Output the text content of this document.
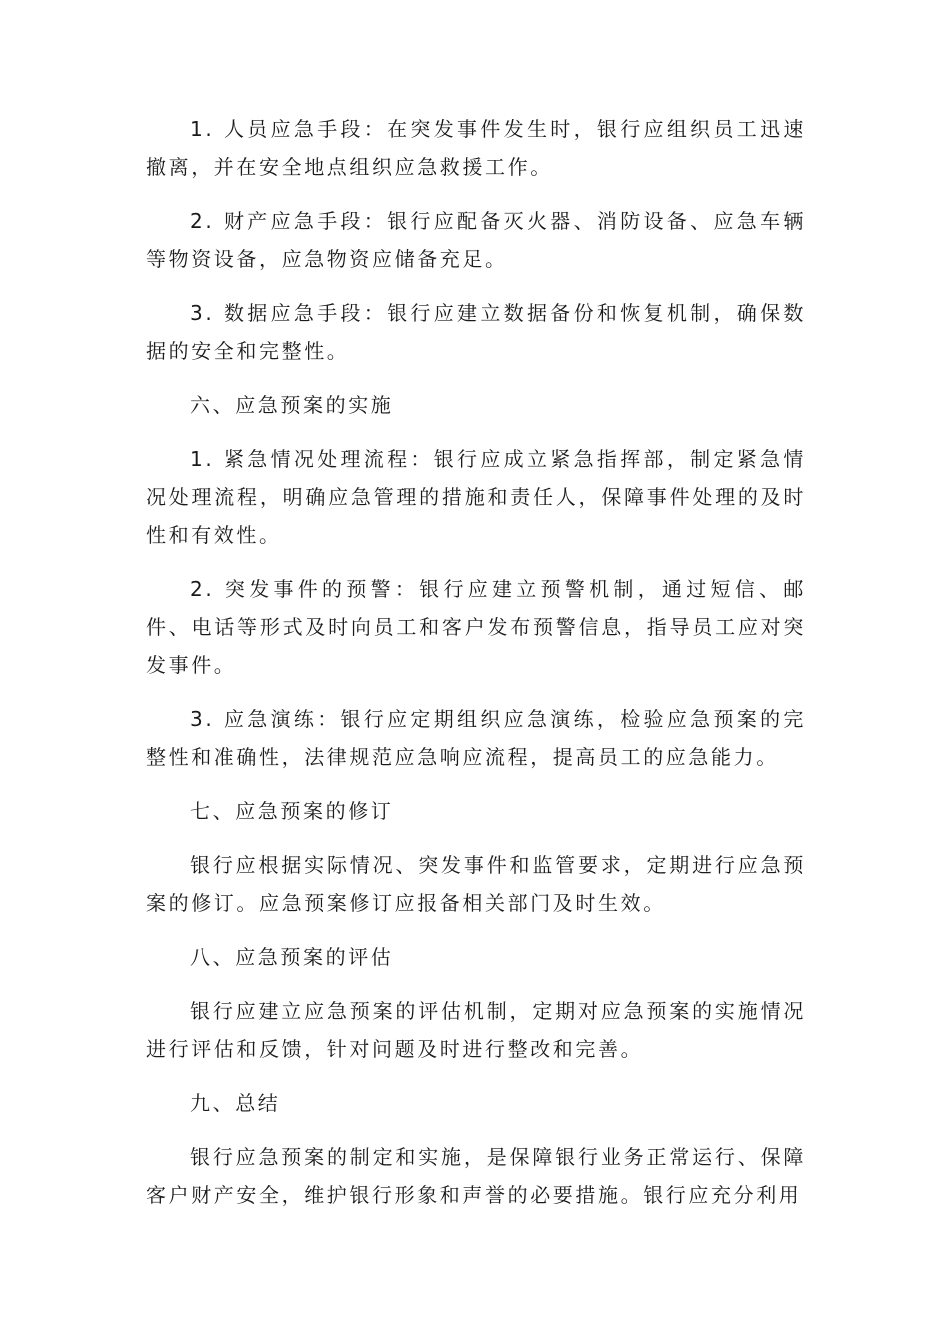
1. 人员应急手段：在突发事件发生时，银行应组织员工迅速撤离，并在安全地点组织应急救援工作。

2. 财产应急手段：银行应配备灭火器、消防设备、应急车辆等物资设备，应急物资应储备充足。

3. 数据应急手段：银行应建立数据备份和恢复机制，确保数据的安全和完整性。

六、应急预案的实施

1. 紧急情况处理流程：银行应成立紧急指挥部，制定紧急情况处理流程，明确应急管理的措施和责任人，保障事件处理的及时性和有效性。

2. 突发事件的预警：银行应建立预警机制，通过短信、邮件、电话等形式及时向员工和客户发布预警信息，指导员工应对突发事件。

3. 应急演练：银行应定期组织应急演练，检验应急预案的完整性和准确性，法律规范应急响应流程，提高员工的应急能力。

七、应急预案的修订

银行应根据实际情况、突发事件和监管要求，定期进行应急预案的修订。应急预案修订应报备相关部门及时生效。

八、应急预案的评估

银行应建立应急预案的评估机制，定期对应急预案的实施情况进行评估和反馈，针对问题及时进行整改和完善。

九、总结

银行应急预案的制定和实施，是保障银行业务正常运行、保障客户财产安全，维护银行形象和声誉的必要措施。银行应充分利用
